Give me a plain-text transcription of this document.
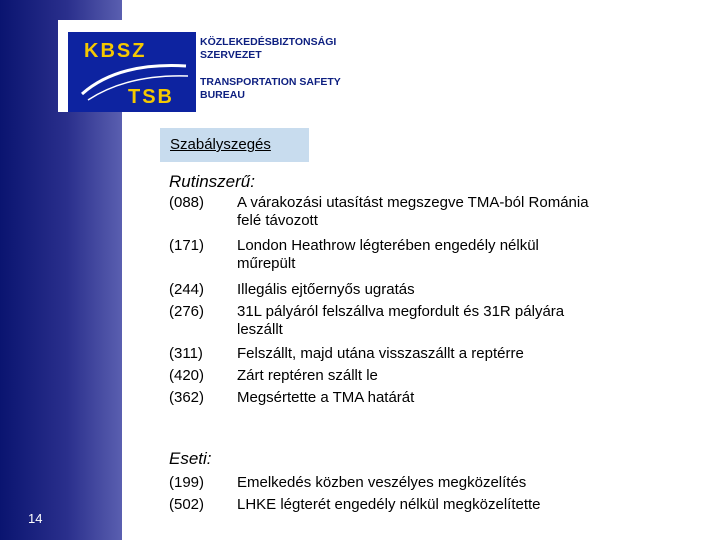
14
KBSZ
TSB
KÖZLEKEDÉSBIZTONSÁGI
SZERVEZET
TRANSPORTATION SAFETY
BUREAU
Szabályszegés
Rutinszerű:
(088)	A várakozási utasítást megszegve TMA-ból Románia
felé távozott
(171)	London Heathrow légterében engedély nélkül
műrepült
(244)	Illegális ejtőernyős ugratás
(276)	31L pályáról felszállva megfordult és 31R pályára
leszállt
(311)	Felszállt, majd utána visszaszállt a reptérre
(420)	Zárt reptéren szállt le
(362)	Megsértette a TMA határát
Eseti:
(199)	Emelkedés közben veszélyes megközelítés
(502)	LHKE légterét engedély nélkül megközelítette
